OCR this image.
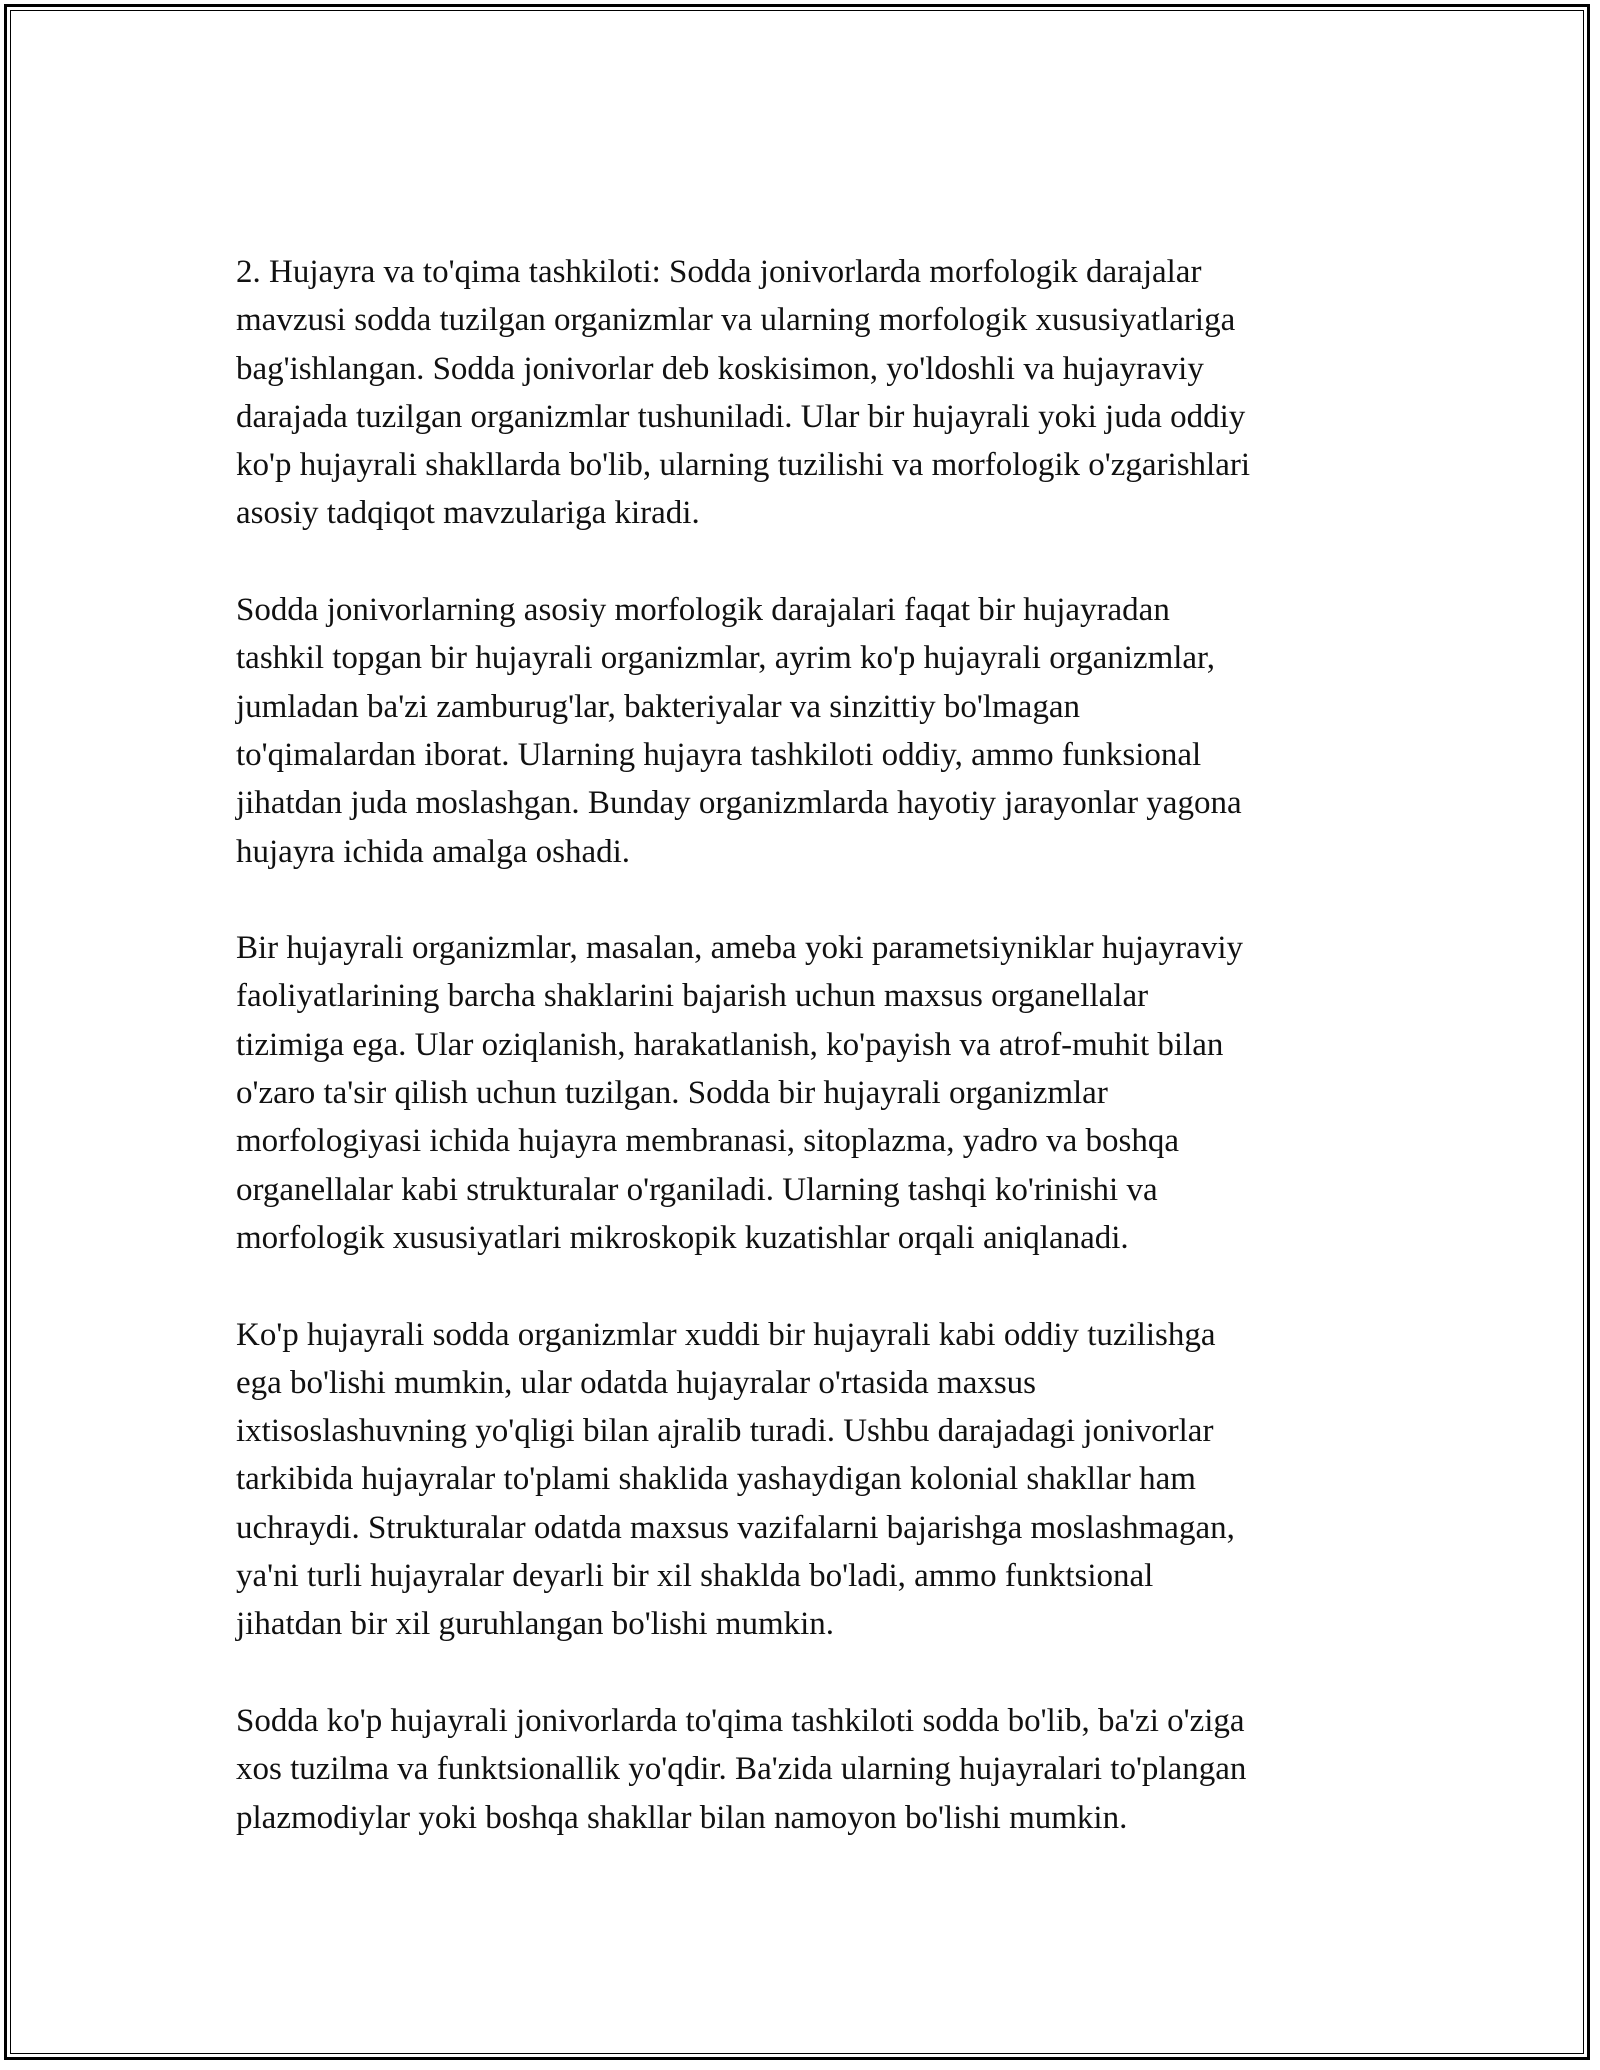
2. Hujayra va to'qima tashkiloti: Sodda jonivorlarda morfologik darajalar
mavzusi sodda tuzilgan organizmlar va ularning morfologik xususiyatlariga
bag'ishlangan. Sodda jonivorlar deb koskisimon, yo'ldoshli va hujayraviy
darajada tuzilgan organizmlar tushuniladi. Ular bir hujayrali yoki juda oddiy
ko'p hujayrali shakllarda bo'lib, ularning tuzilishi va morfologik o'zgarishlari
asosiy tadqiqot mavzulariga kiradi.

Sodda jonivorlarning asosiy morfologik darajalari faqat bir hujayradan
tashkil topgan bir hujayrali organizmlar, ayrim ko'p hujayrali organizmlar,
jumladan ba'zi zamburug'lar, bakteriyalar va sinzittiy bo'lmagan
to'qimalardan iborat. Ularning hujayra tashkiloti oddiy, ammo funksional
jihatdan juda moslashgan. Bunday organizmlarda hayotiy jarayonlar yagona
hujayra ichida amalga oshadi.

Bir hujayrali organizmlar, masalan, ameba yoki parametsiyniklar hujayraviy
faoliyatlarining barcha shaklarini bajarish uchun maxsus organellalar
tizimiga ega. Ular oziqlanish, harakatlanish, ko'payish va atrof-muhit bilan
o'zaro ta'sir qilish uchun tuzilgan. Sodda bir hujayrali organizmlar
morfologiyasi ichida hujayra membranasi, sitoplazma, yadro va boshqa
organellalar kabi strukturalar o'rganiladi. Ularning tashqi ko'rinishi va
morfologik xususiyatlari mikroskopik kuzatishlar orqali aniqlanadi.

Ko'p hujayrali sodda organizmlar xuddi bir hujayrali kabi oddiy tuzilishga
ega bo'lishi mumkin, ular odatda hujayralar o'rtasida maxsus
ixtisoslashuvning yo'qligi bilan ajralib turadi. Ushbu darajadagi jonivorlar
tarkibida hujayralar to'plami shaklida yashaydigan kolonial shakllar ham
uchraydi. Strukturalar odatda maxsus vazifalarni bajarishga moslashmagan,
ya'ni turli hujayralar deyarli bir xil shaklda bo'ladi, ammo funktsional
jihatdan bir xil guruhlangan bo'lishi mumkin.

Sodda ko'p hujayrali jonivorlarda to'qima tashkiloti sodda bo'lib, ba'zi o'ziga
xos tuzilma va funktsionallik yo'qdir. Ba'zida ularning hujayralari to'plangan
plazmodiylar yoki boshqa shakllar bilan namoyon bo'lishi mumkin.
